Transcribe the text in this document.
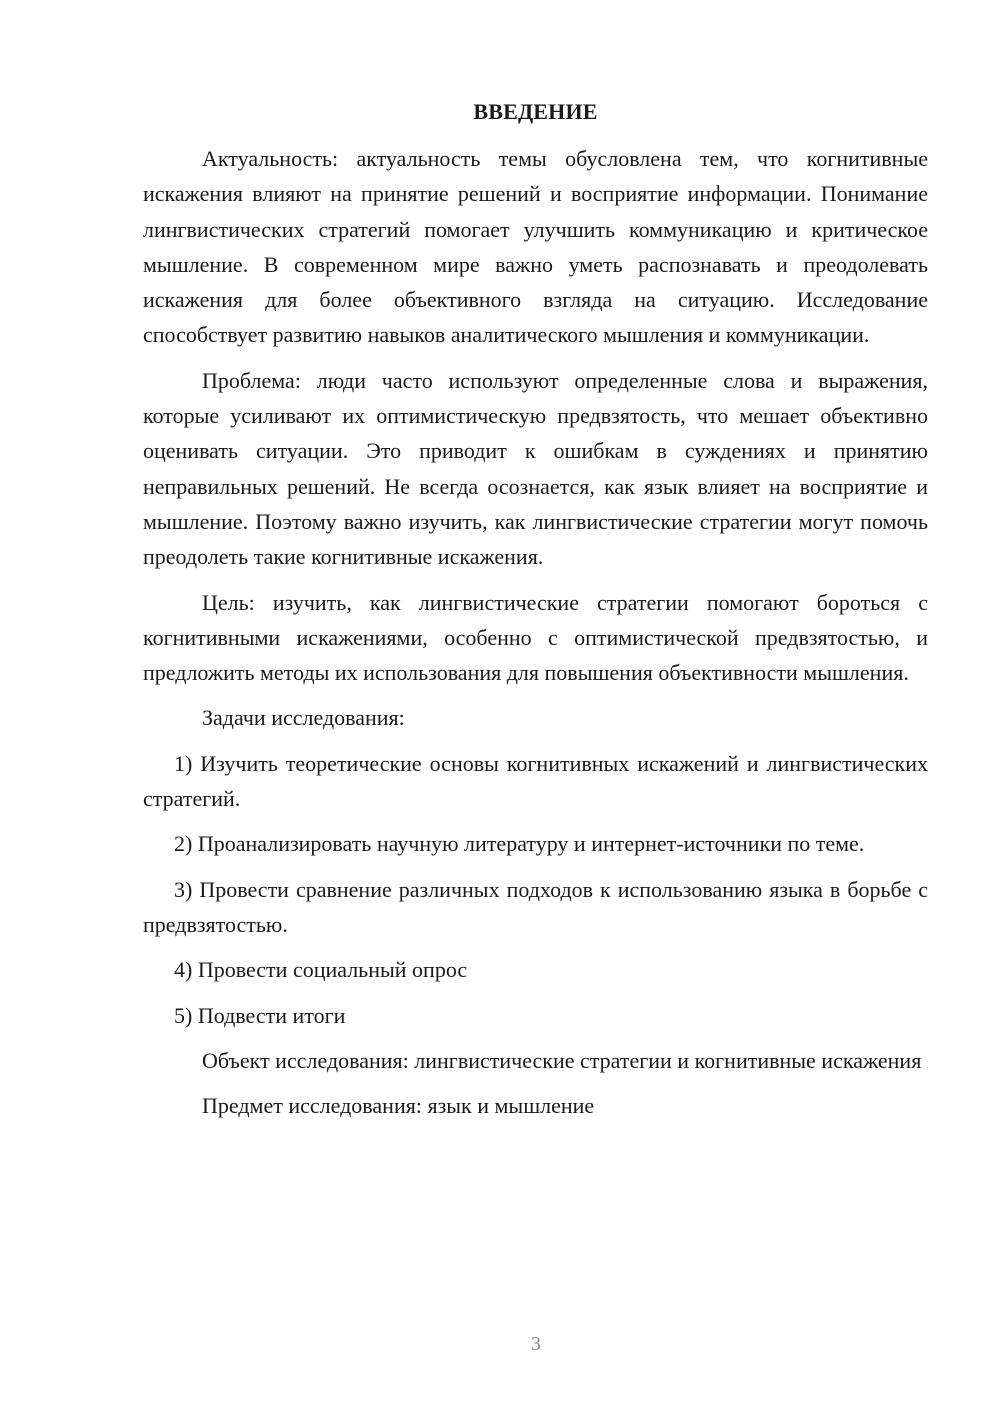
ВВЕДЕНИЕ

Актуальность: актуальность темы обусловлена тем, что когнитивные искажения влияют на принятие решений и восприятие информации. Понимание лингвистических стратегий помогает улучшить коммуникацию и критическое мышление. В современном мире важно уметь распознавать и преодолевать искажения для более объективного взгляда на ситуацию. Исследование способствует развитию навыков аналитического мышления и коммуникации.

Проблема: люди часто используют определенные слова и выражения, которые усиливают их оптимистическую предвзятость, что мешает объективно оценивать ситуации. Это приводит к ошибкам в суждениях и принятию неправильных решений. Не всегда осознается, как язык влияет на восприятие и мышление. Поэтому важно изучить, как лингвистические стратегии могут помочь преодолеть такие когнитивные искажения.

Цель: изучить, как лингвистические стратегии помогают бороться с когнитивными искажениями, особенно с оптимистической предвзятостью, и предложить методы их использования для повышения объективности мышления.

Задачи исследования:

1) Изучить теоретические основы когнитивных искажений и лингвистических стратегий.

2) Проанализировать научную литературу и интернет-источники по теме.

3) Провести сравнение различных подходов к использованию языка в борьбе с предвзятостью.

4) Провести социальный опрос

5) Подвести итоги

Объект исследования: лингвистические стратегии и когнитивные искажения

Предмет исследования: язык и мышление

3
